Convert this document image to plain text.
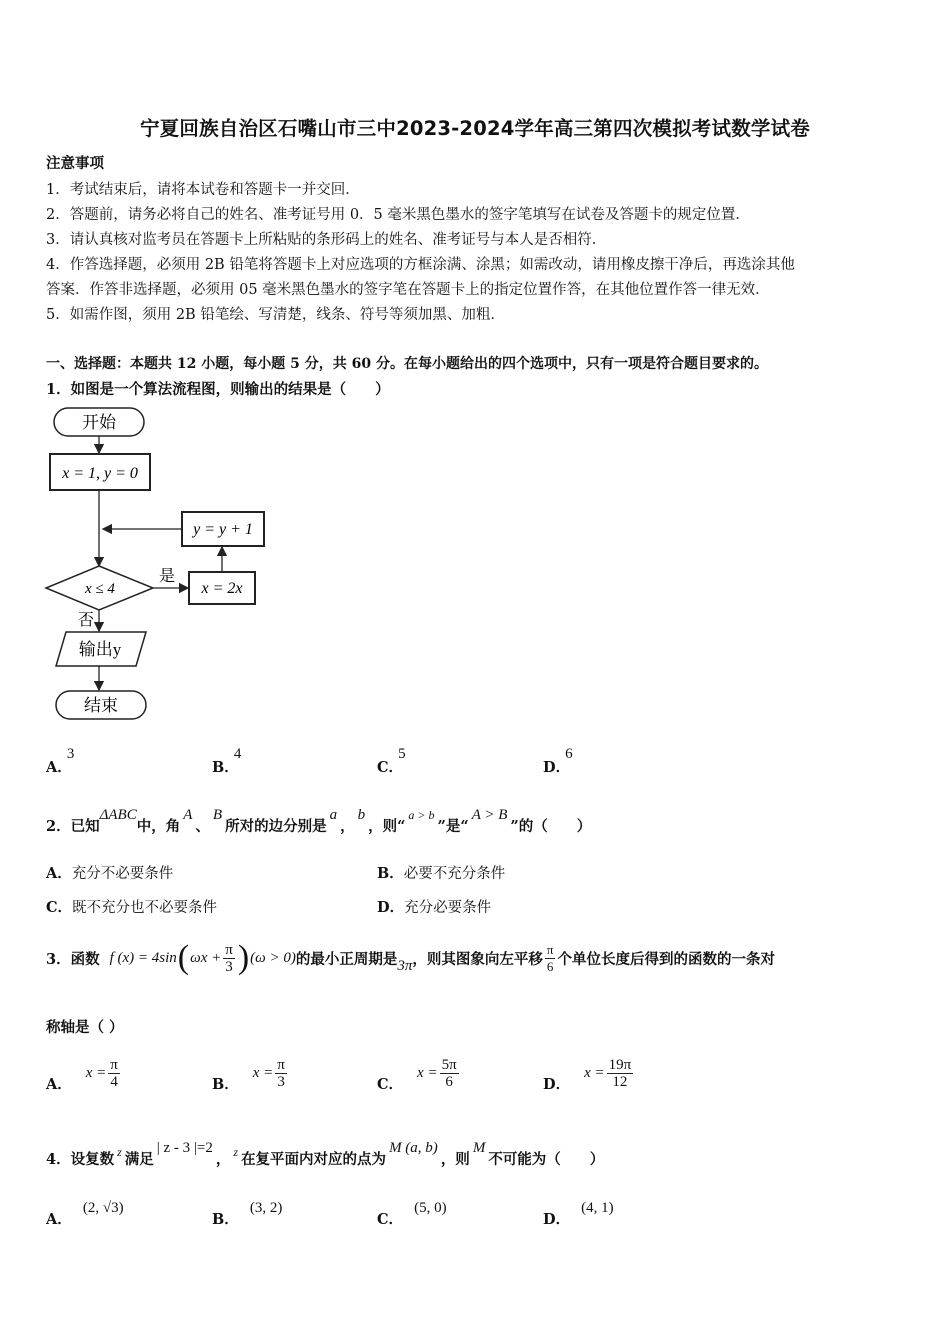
宁夏回族自治区石嘴山市三中2023-2024学年高三第四次模拟考试数学试卷
注意事项
1．考试结束后，请将本试卷和答题卡一并交回．
2．答题前，请务必将自己的姓名、准考证号用 0．5 毫米黑色墨水的签字笔填写在试卷及答题卡的规定位置．
3．请认真核对监考员在答题卡上所粘贴的条形码上的姓名、准考证号与本人是否相符．
4．作答选择题，必须用 2B 铅笔将答题卡上对应选项的方框涂满、涂黑；如需改动，请用橡皮擦干净后，再选涂其他
答案．作答非选择题，必须用 05 毫米黑色墨水的签字笔在答题卡上的指定位置作答，在其他位置作答一律无效．
5．如需作图，须用 2B 铅笔绘、写清楚，线条、符号等须加黑、加粗．
一、选择题：本题共 12 小题，每小题 5 分，共 60 分。在每小题给出的四个选项中，只有一项是符合题目要求的。
1．如图是一个算法流程图，则输出的结果是（　　）
开始
x = 1, y = 0
y = y + 1
x ≤ 4
是
x = 2x
否
输出y
结束
A． 3
B． 4
C． 5
D． 6
2．已知ΔABC中，角A、B所对的边分别是a，b，则“$^{a > b}$”是“A > B”的（　　）
A．充分不必要条件	B．必要不充分条件
C．既不充分也不必要条件	D．充分必要条件
3．函数 f (x) = 4sin ( $\omega x + \frac{\pi}{3}$ ) (ω > 0) 的最小正周期是 3π ，则其图象向左平移 $\frac{\pi}{6}$ 个单位长度后得到的函数的一条对
称轴是（ ）
A．
$x = \frac{\pi}{4}$	B．
$x = \frac{\pi}{3}$	C．
$x = \frac{5\pi}{6}$	D．
$x = \frac{19\pi}{12}$
4．设复数 $^z$ 满足| z - 3 |=2， $^z$ 在复平面内对应的点为M (a, b)，则M不可能为（　　）
A． (2, √3)
B． (3, 2)
C． (5, 0)
D． (4, 1)
